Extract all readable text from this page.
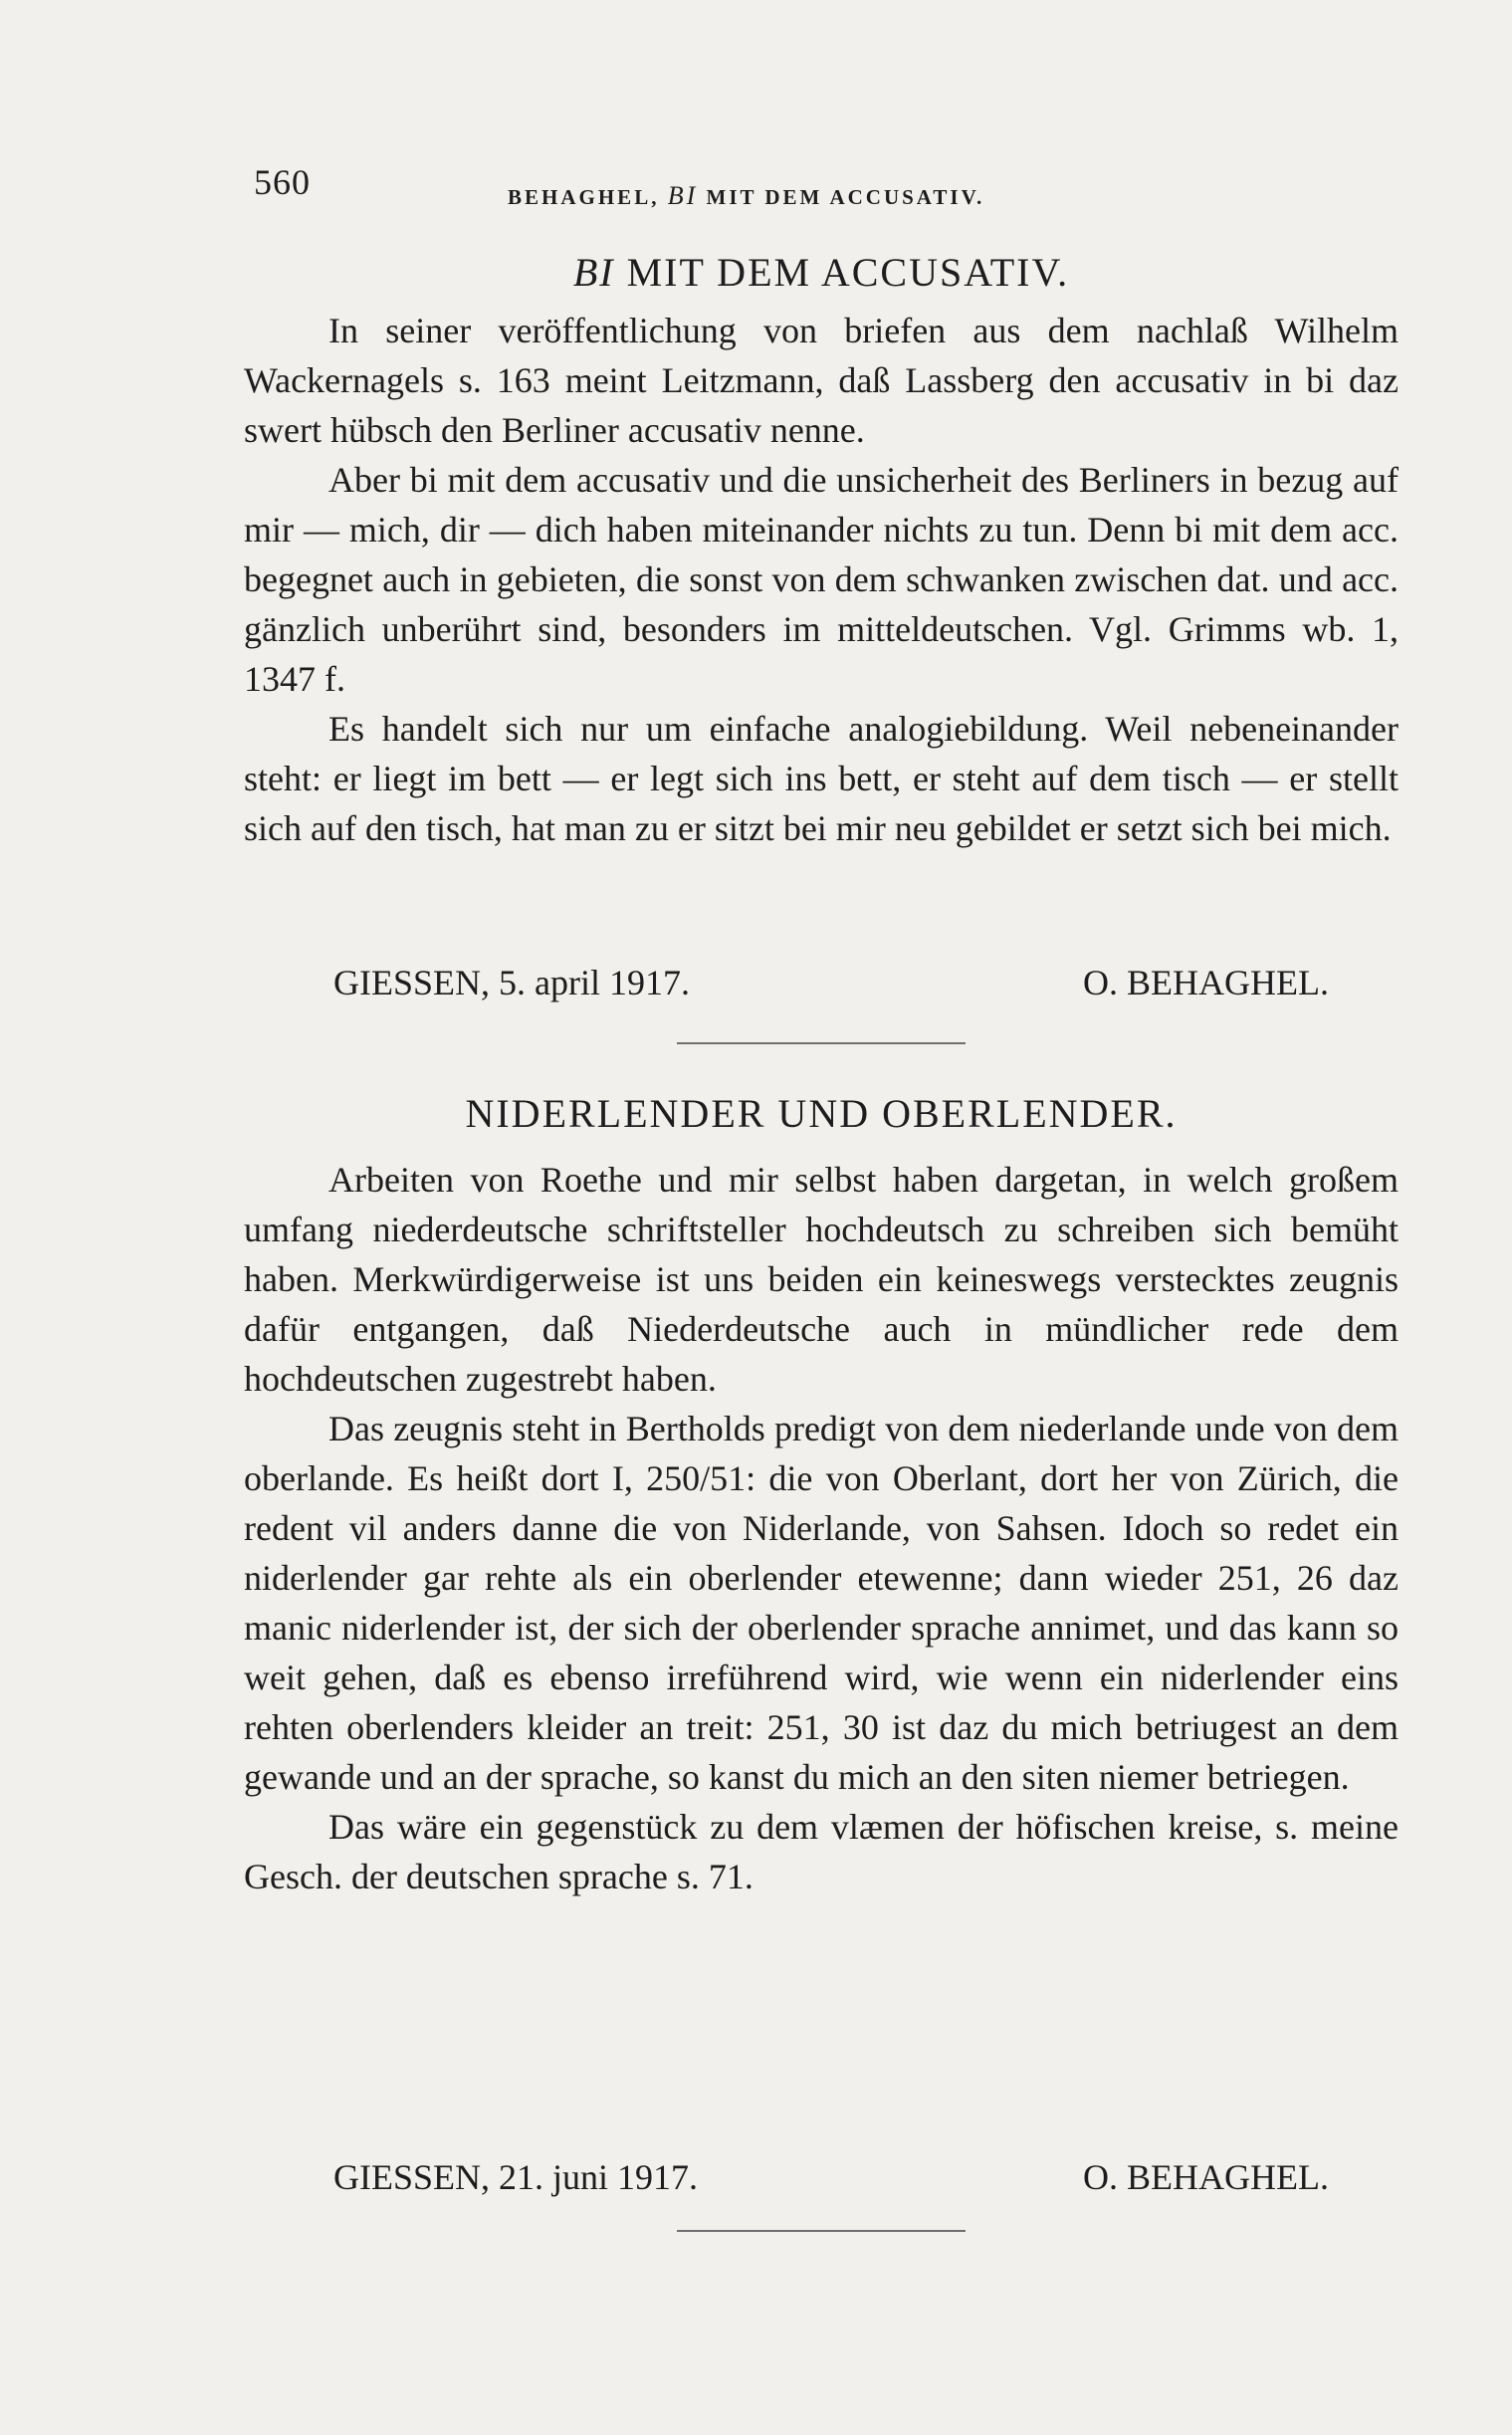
560	BEHAGHEL, BI MIT DEM ACCUSATIV.
BI MIT DEM ACCUSATIV.

In seiner veröffentlichung von briefen aus dem nachlaß Wilhelm Wackernagels s. 163 meint Leitzmann, daß Lassberg den accusativ in bi daz swert hübsch den Berliner accusativ nenne.

Aber bi mit dem accusativ und die unsicherheit des Berliners in bezug auf mir — mich, dir — dich haben miteinander nichts zu tun. Denn bi mit dem acc. begegnet auch in gebieten, die sonst von dem schwanken zwischen dat. und acc. gänzlich unberührt sind, besonders im mitteldeutschen. Vgl. Grimms wb. 1, 1347 f.

Es handelt sich nur um einfache analogiebildung. Weil nebeneinander steht: er liegt im bett — er legt sich ins bett, er steht auf dem tisch — er stellt sich auf den tisch, hat man zu er sitzt bei mir neu gebildet er setzt sich bei mich.

GIESSEN, 5. april 1917.	O. BEHAGHEL.
NIDERLENDER UND OBERLENDER.

Arbeiten von Roethe und mir selbst haben dargetan, in welch großem umfang niederdeutsche schriftsteller hochdeutsch zu schreiben sich bemüht haben. Merkwürdigerweise ist uns beiden ein keineswegs verstecktes zeugnis dafür entgangen, daß Niederdeutsche auch in mündlicher rede dem hochdeutschen zugestrebt haben.

Das zeugnis steht in Bertholds predigt von dem niederlande unde von dem oberlande. Es heißt dort I, 250/51: die von Oberlant, dort her von Zürich, die redent vil anders danne die von Niderlande, von Sahsen. Idoch so redet ein niderlender gar rehte als ein oberlender etewenne; dann wieder 251, 26 daz manic niderlender ist, der sich der oberlender sprache annimet, und das kann so weit gehen, daß es ebenso irreführend wird, wie wenn ein niderlender eins rehten oberlenders kleider an treit: 251, 30 ist daz du mich betriugest an dem gewande und an der sprache, so kanst du mich an den siten niemer betriegen.

Das wäre ein gegenstück zu dem vlæmen der höfischen kreise, s. meine Gesch. der deutschen sprache s. 71.

GIESSEN, 21. juni 1917.	O. BEHAGHEL.
